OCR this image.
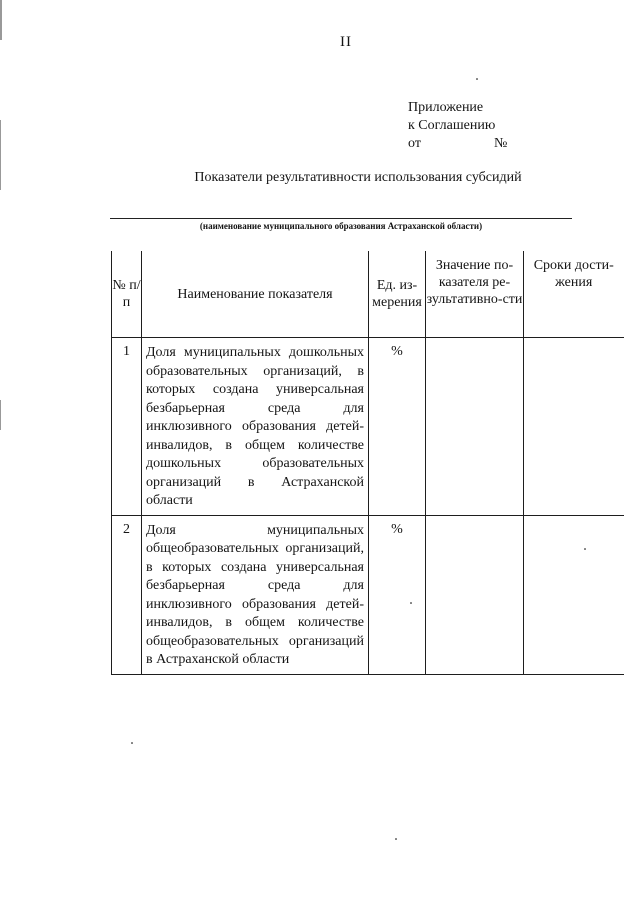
II
Приложение
к Соглашению
от	№
Показатели результативности использования субсидий
(наименование муниципального образования Астраханской области)
№ п/п	Наименование показателя	Ед. из-мерения	Значение по-казателя ре-зультативно-сти	Сроки дости-жения
1	Доля муниципальных дошкольных образовательных организаций, в которых создана универсальная безбарьерная среда для инклюзивного образования детей-инвалидов, в общем количестве дошкольных образовательных организаций в Астраханской области	%		
2	Доля муниципальных общеобразовательных организаций, в которых создана универсальная безбарьерная среда для инклюзивного образования детей-инвалидов, в общем количестве общеобразовательных организаций в Астраханской области	%		
